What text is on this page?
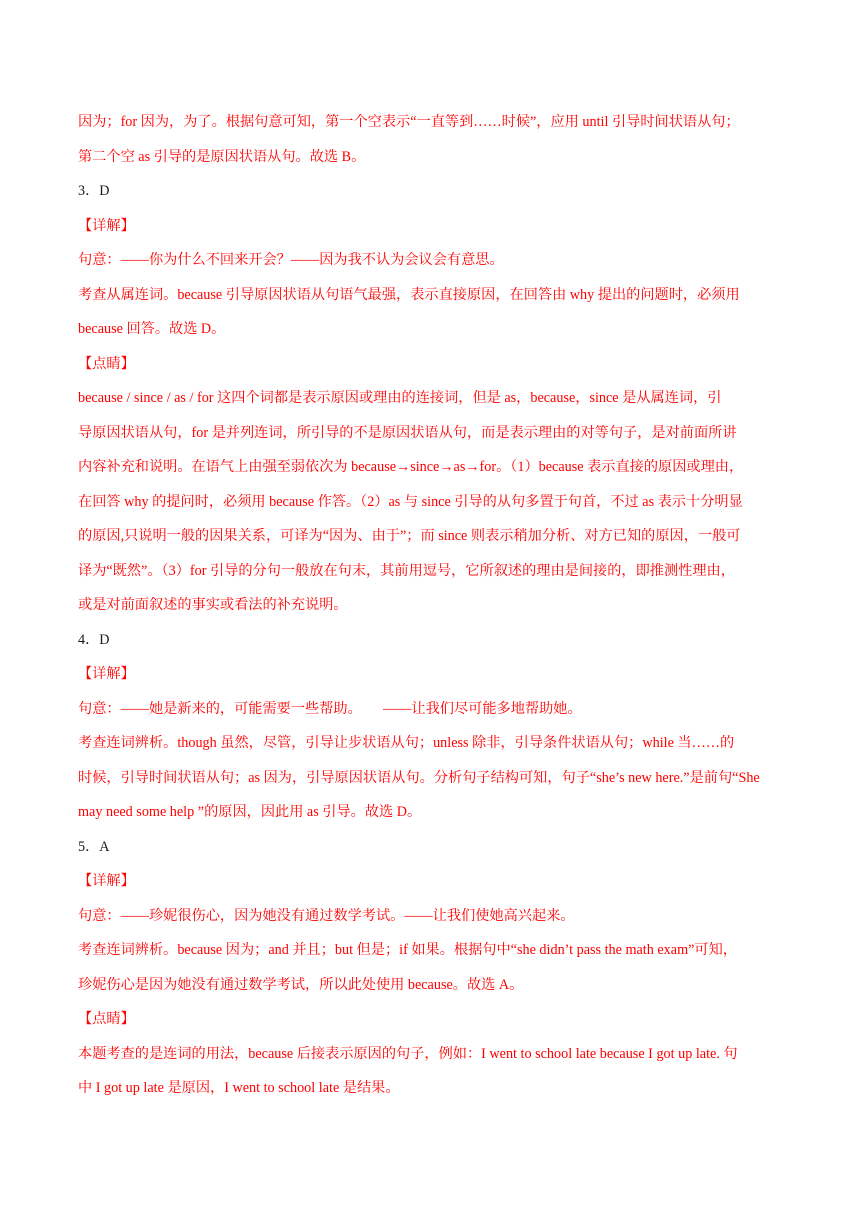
因为；for 因为，为了。根据句意可知，第一个空表示“一直等到……时候”，应用 until 引导时间状语从句；
第二个空 as 引导的是原因状语从句。故选 B。
3．D
【详解】
句意：——你为什么不回来开会？——因为我不认为会议会有意思。
考查从属连词。because 引导原因状语从句语气最强，表示直接原因，在回答由 why 提出的问题时，必须用
because 回答。故选 D。
【点睛】
because / since / as / for 这四个词都是表示原因或理由的连接词，但是 as，because，since 是从属连词，引
导原因状语从句，for 是并列连词，所引导的不是原因状语从句，而是表示理由的对等句子，是对前面所讲
内容补充和说明。在语气上由强至弱依次为 because→since→as→for。（1）because 表示直接的原因或理由，
在回答 why 的提问时，必须用 because 作答。（2）as 与 since 引导的从句多置于句首，不过 as 表示十分明显
的原因,只说明一般的因果关系，可译为“因为、由于”；而 since 则表示稍加分析、对方已知的原因，一般可
译为“既然”。（3）for 引导的分句一般放在句末，其前用逗号，它所叙述的理由是间接的，即推测性理由，
或是对前面叙述的事实或看法的补充说明。
4．D
【详解】
句意：——她是新来的，可能需要一些帮助。　　——让我们尽可能多地帮助她。
考查连词辨析。though 虽然，尽管，引导让步状语从句；unless 除非，引导条件状语从句；while 当……的
时候，引导时间状语从句；as 因为，引导原因状语从句。分析句子结构可知，句子“she’s new here.”是前句“She
may need some help ”的原因，因此用 as 引导。故选 D。
5．A
【详解】
句意：——珍妮很伤心，因为她没有通过数学考试。——让我们使她高兴起来。
考查连词辨析。because 因为；and 并且；but 但是；if 如果。根据句中“she didn’t pass the math exam”可知，
珍妮伤心是因为她没有通过数学考试，所以此处使用 because。故选 A。
【点睛】
本题考查的是连词的用法，because 后接表示原因的句子，例如：I went to school late because I got up late. 句
中 I got up late 是原因，I went to school late 是结果。
